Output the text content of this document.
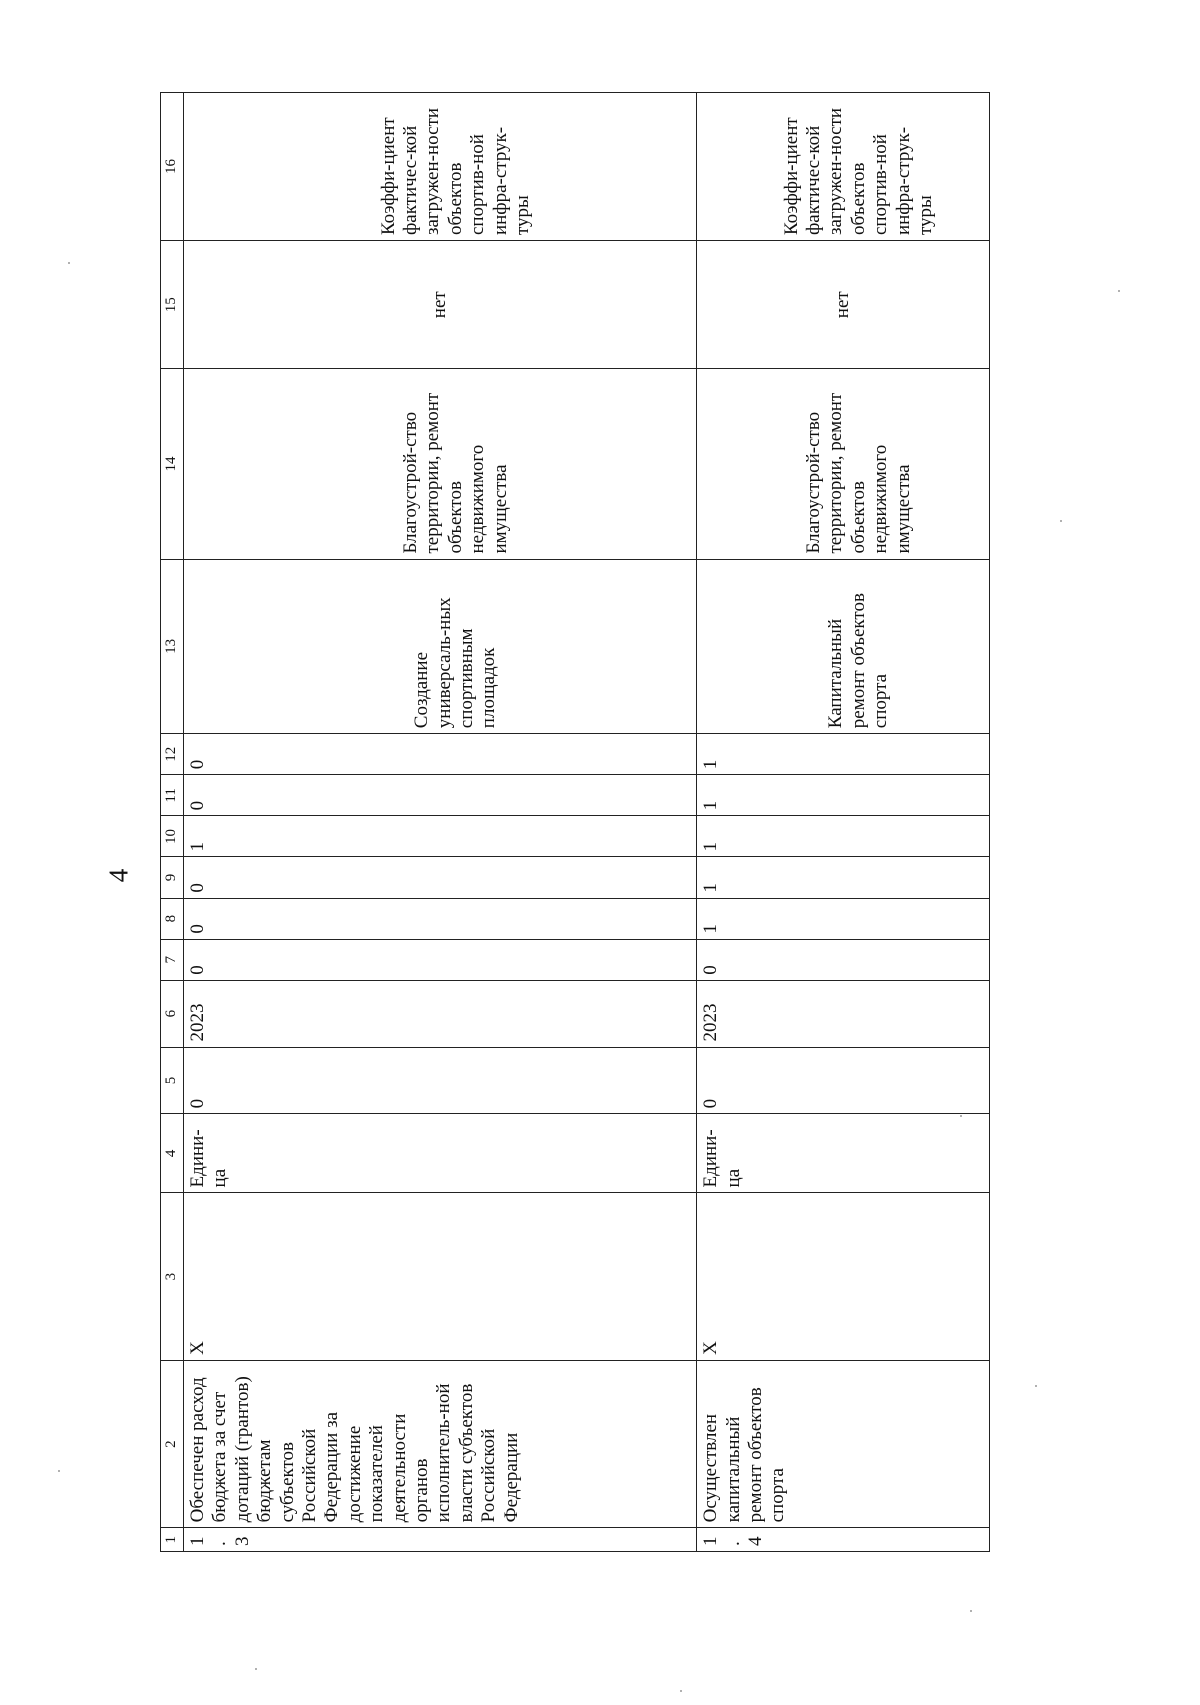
4
1	2	3	4	5	6	7	8	9	10	11	12	13	14	15	16
1.3	Обеспечен расход бюджета за счет дотаций (грантов) бюджетам субъектов Российской Федерации за достижение показателей деятельности органов исполнитель-ной власти субъектов Российской Федерации	Х	Едини-ца	0	2023	0	0	0	1	0	0	Создание универсаль-ных спортивным площадок	Благоустрой-ство территории, ремонт объектов недвижимого имущества	нет	Коэффи-циент фактичес-кой загружен-ности объектов спортив-ной инфра-струк-туры
1.4	Осуществлен капитальный ремонт объектов спорта	Х	Едини-ца	0	2023	0	1	1	1	1	1	Капитальный ремонт объектов спорта	Благоустрой-ство территории, ремонт объектов недвижимого имущества	нет	Коэффи-циент фактичес-кой загружен-ности объектов спортив-ной инфра-струк-туры
